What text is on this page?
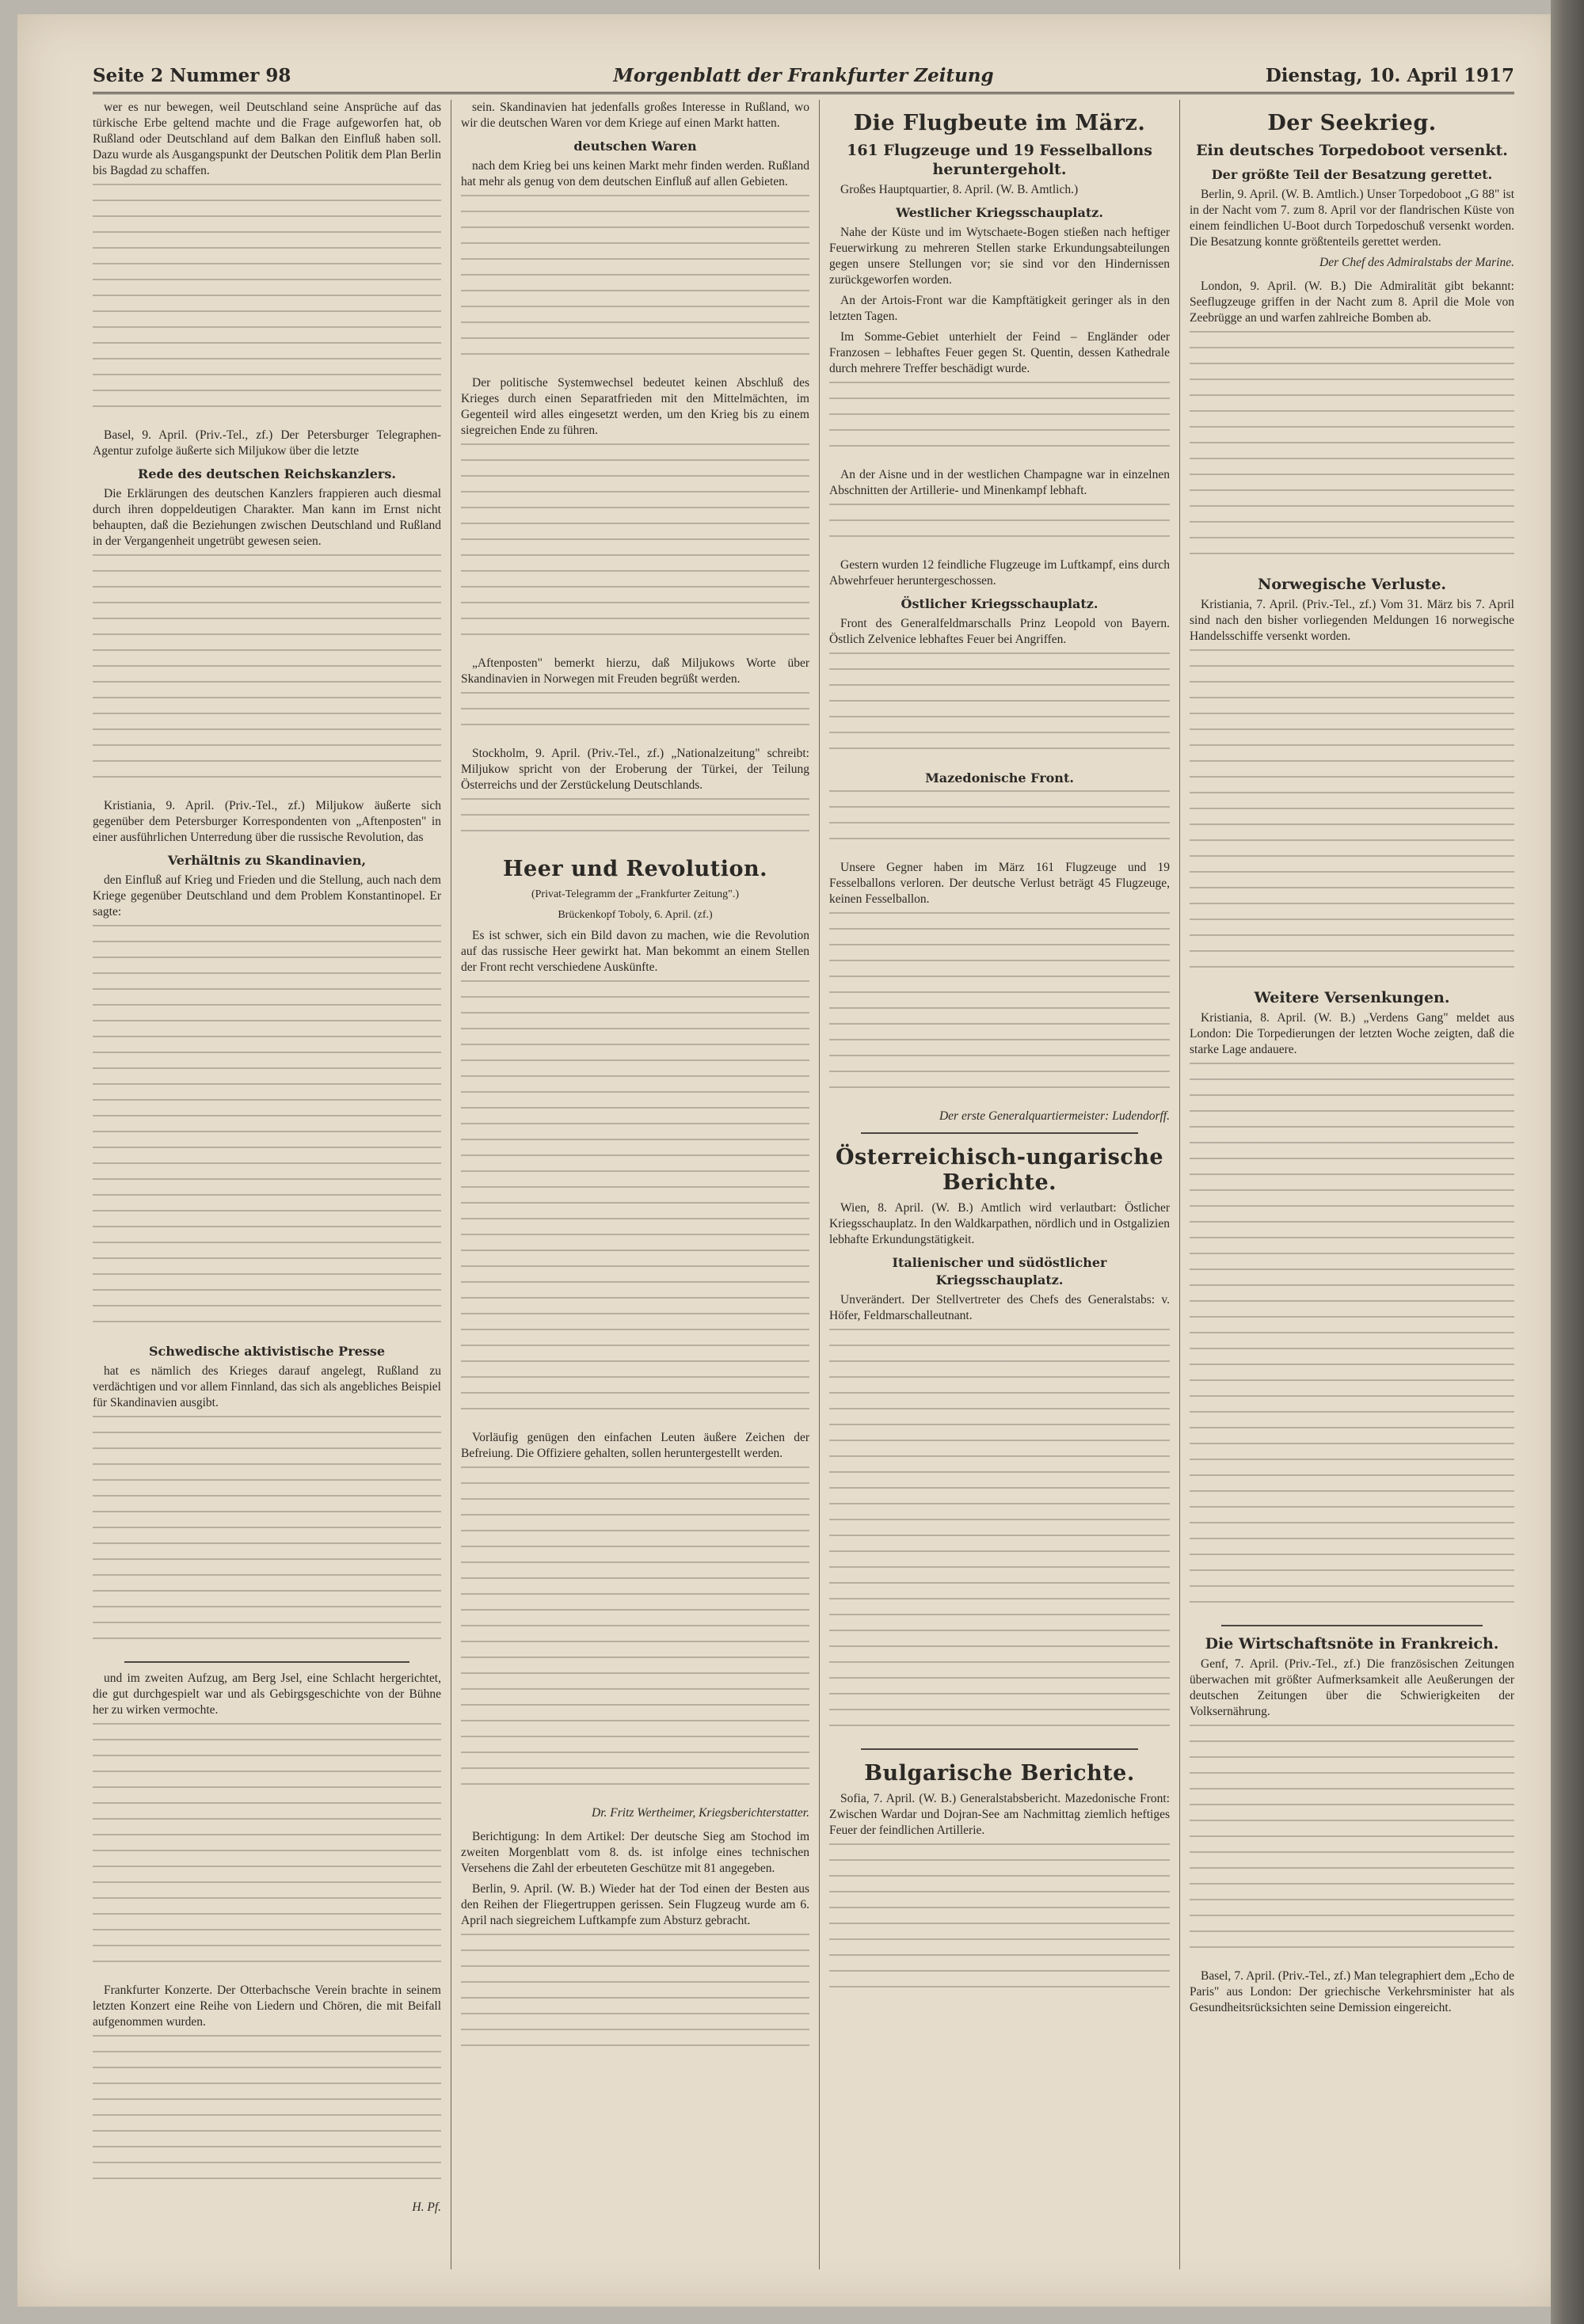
Seite 2 Nummer 98	Morgenblatt der Frankfurter Zeitung	Dienstag, 10. April 1917

wer es nur bewegen, weil Deutschland seine Ansprüche auf das türkische Erbe geltend machte und die Frage aufgeworfen hat, ob Rußland oder Deutschland auf dem Balkan den Einfluß haben soll. Dazu wurde als Ausgangspunkt der Deutschen Politik dem Plan Berlin bis Bagdad zu schaffen.

Basel, 9. April. (Priv.-Tel., zf.) Der Petersburger Telegraphen-Agentur zufolge äußerte sich Miljukow über die letzte

Rede des deutschen Reichskanzlers.

Die Erklärungen des deutschen Kanzlers frappieren auch diesmal durch ihren doppeldeutigen Charakter. Man kann im Ernst nicht behaupten, daß die Beziehungen zwischen Deutschland und Rußland in der Vergangenheit ungetrübt gewesen seien.

Kristiania, 9. April. (Priv.-Tel., zf.) Miljukow äußerte sich gegenüber dem Petersburger Korrespondenten von „Aftenposten" in einer ausführlichen Unterredung über die russische Revolution, das

Verhältnis zu Skandinavien,

den Einfluß auf Krieg und Frieden und die Stellung, auch nach dem Kriege gegenüber Deutschland und dem Problem Konstantinopel. Er sagte:

Schwedische aktivistische Presse

hat es nämlich des Krieges darauf angelegt, Rußland zu verdächtigen und vor allem Finnland, das sich als angebliches Beispiel für Skandinavien ausgibt.

und im zweiten Aufzug, am Berg Jsel, eine Schlacht hergerichtet, die gut durchgespielt war und als Gebirgsgeschichte von der Bühne her zu wirken vermochte.

Frankfurter Konzerte. Der Otterbachsche Verein brachte in seinem letzten Konzert eine Reihe von Liedern und Chören, die mit Beifall aufgenommen wurden.

H. Pf.

sein. Skandinavien hat jedenfalls großes Interesse in Rußland, wo wir die deutschen Waren vor dem Kriege auf einen Markt hatten.

deutschen Waren

nach dem Krieg bei uns keinen Markt mehr finden werden. Rußland hat mehr als genug von dem deutschen Einfluß auf allen Gebieten.

Der politische Systemwechsel bedeutet keinen Abschluß des Krieges durch einen Separatfrieden mit den Mittelmächten, im Gegenteil wird alles eingesetzt werden, um den Krieg bis zu einem siegreichen Ende zu führen.

„Aftenposten" bemerkt hierzu, daß Miljukows Worte über Skandinavien in Norwegen mit Freuden begrüßt werden.

Stockholm, 9. April. (Priv.-Tel., zf.) „Nationalzeitung" schreibt: Miljukow spricht von der Eroberung der Türkei, der Teilung Österreichs und der Zerstückelung Deutschlands.

Heer und Revolution.
(Privat-Telegramm der „Frankfurter Zeitung".)
Brückenkopf Toboly, 6. April. (zf.)

Es ist schwer, sich ein Bild davon zu machen, wie die Revolution auf das russische Heer gewirkt hat. Man bekommt an einem Stellen der Front recht verschiedene Auskünfte.

Vorläufig genügen den einfachen Leuten äußere Zeichen der Befreiung. Die Offiziere gehalten, sollen heruntergestellt werden.

Dr. Fritz Wertheimer, Kriegsberichterstatter.

Berichtigung: In dem Artikel: Der deutsche Sieg am Stochod im zweiten Morgenblatt vom 8. ds. ist infolge eines technischen Versehens die Zahl der erbeuteten Geschütze mit 81 angegeben.

Berlin, 9. April. (W. B.) Wieder hat der Tod einen der Besten aus den Reihen der Fliegertruppen gerissen. Sein Flugzeug wurde am 6. April nach siegreichem Luftkampfe zum Absturz gebracht.

Die Flugbeute im März.
161 Flugzeuge und 19 Fesselballons heruntergeholt.

Großes Hauptquartier, 8. April. (W. B. Amtlich.)

Westlicher Kriegsschauplatz.

Nahe der Küste und im Wytschaete-Bogen stießen nach heftiger Feuerwirkung zu mehreren Stellen starke Erkundungsabteilungen gegen unsere Stellungen vor; sie sind vor den Hindernissen zurückgeworfen worden.

An der Artois-Front war die Kampftätigkeit geringer als in den letzten Tagen.

Im Somme-Gebiet unterhielt der Feind – Engländer oder Franzosen – lebhaftes Feuer gegen St. Quentin, dessen Kathedrale durch mehrere Treffer beschädigt wurde.

An der Aisne und in der westlichen Champagne war in einzelnen Abschnitten der Artillerie- und Minenkampf lebhaft.

Gestern wurden 12 feindliche Flugzeuge im Luftkampf, eins durch Abwehrfeuer heruntergeschossen.

Östlicher Kriegsschauplatz.

Front des Generalfeldmarschalls Prinz Leopold von Bayern. Östlich Zelvenice lebhaftes Feuer bei Angriffen.

Mazedonische Front.

Unsere Gegner haben im März 161 Flugzeuge und 19 Fesselballons verloren. Der deutsche Verlust beträgt 45 Flugzeuge, keinen Fesselballon.

Der erste Generalquartiermeister: Ludendorff.
Österreichisch-ungarische Berichte.

Wien, 8. April. (W. B.) Amtlich wird verlautbart: Östlicher Kriegsschauplatz. In den Waldkarpathen, nördlich und in Ostgalizien lebhafte Erkundungstätigkeit.

Italienischer und südöstlicher Kriegsschauplatz.

Unverändert. Der Stellvertreter des Chefs des Generalstabs: v. Höfer, Feldmarschalleutnant.

Bulgarische Berichte.

Sofia, 7. April. (W. B.) Generalstabsbericht. Mazedonische Front: Zwischen Wardar und Dojran-See am Nachmittag ziemlich heftiges Feuer der feindlichen Artillerie.

Der Seekrieg.
Ein deutsches Torpedoboot versenkt.
Der größte Teil der Besatzung gerettet.

Berlin, 9. April. (W. B. Amtlich.) Unser Torpedoboot „G 88" ist in der Nacht vom 7. zum 8. April vor der flandrischen Küste von einem feindlichen U-Boot durch Torpedoschuß versenkt worden. Die Besatzung konnte größtenteils gerettet werden.

Der Chef des Admiralstabs der Marine.

London, 9. April. (W. B.) Die Admiralität gibt bekannt: Seeflugzeuge griffen in der Nacht zum 8. April die Mole von Zeebrügge an und warfen zahlreiche Bomben ab.

Norwegische Verluste.

Kristiania, 7. April. (Priv.-Tel., zf.) Vom 31. März bis 7. April sind nach den bisher vorliegenden Meldungen 16 norwegische Handelsschiffe versenkt worden.

Weitere Versenkungen.

Kristiania, 8. April. (W. B.) „Verdens Gang" meldet aus London: Die Torpedierungen der letzten Woche zeigten, daß die starke Lage andauere.

Die Wirtschaftsnöte in Frankreich.

Genf, 7. April. (Priv.-Tel., zf.) Die französischen Zeitungen überwachen mit größter Aufmerksamkeit alle Aeußerungen der deutschen Zeitungen über die Schwierigkeiten der Volksernährung.

Basel, 7. April. (Priv.-Tel., zf.) Man telegraphiert dem „Echo de Paris" aus London: Der griechische Verkehrsminister hat als Gesundheitsrücksichten seine Demission eingereicht.
